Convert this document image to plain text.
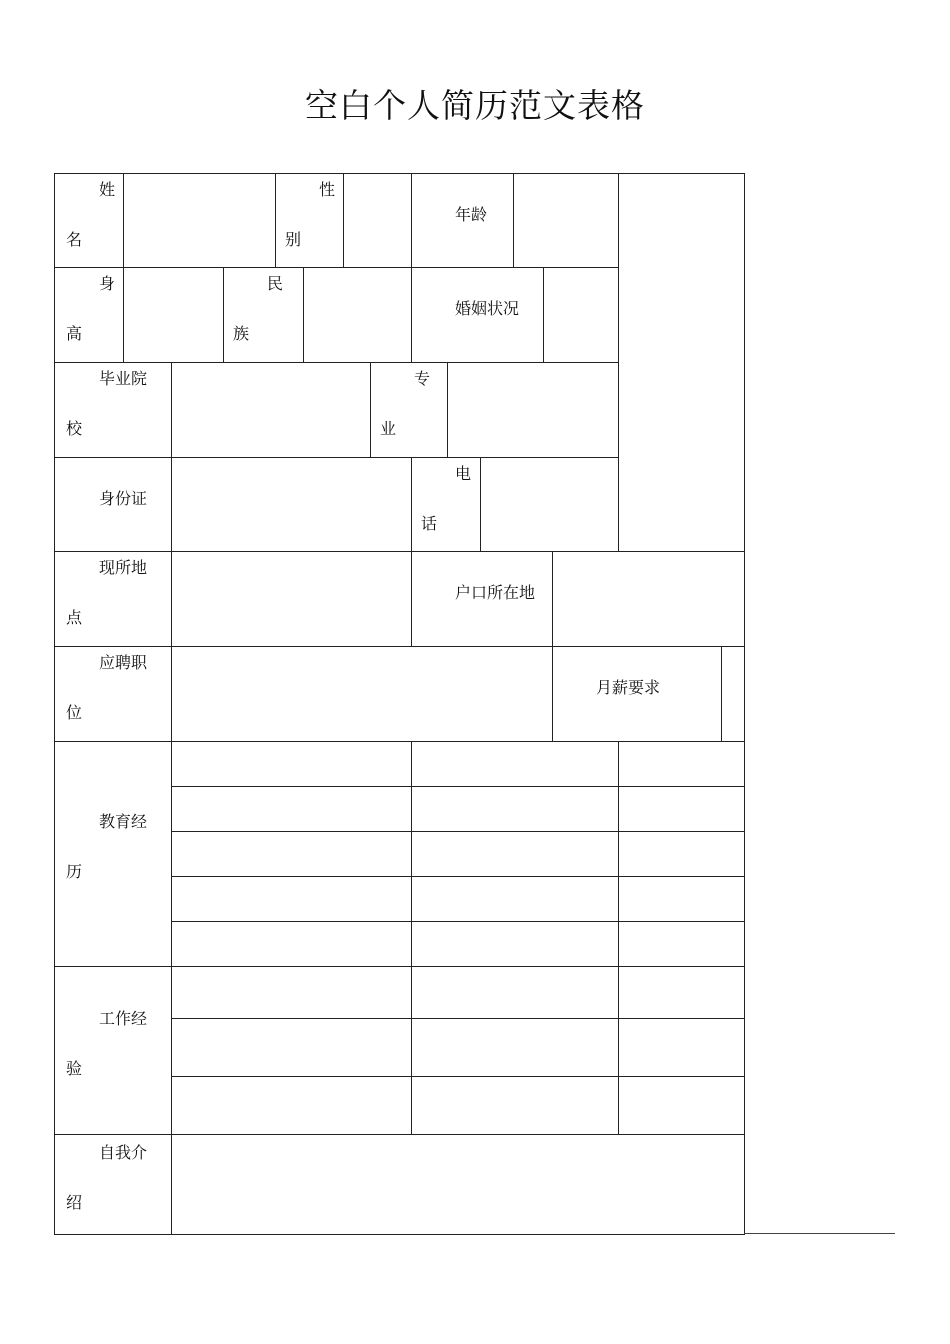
空白个人简历范文表格
姓
名
性
别
年龄
身
高
民
族
婚姻状况
毕业院
校
专
业
身份证
电
话
现所地
点
户口所在地
应聘职
位
月薪要求
教育经
历
工作经
验
自我介
绍
